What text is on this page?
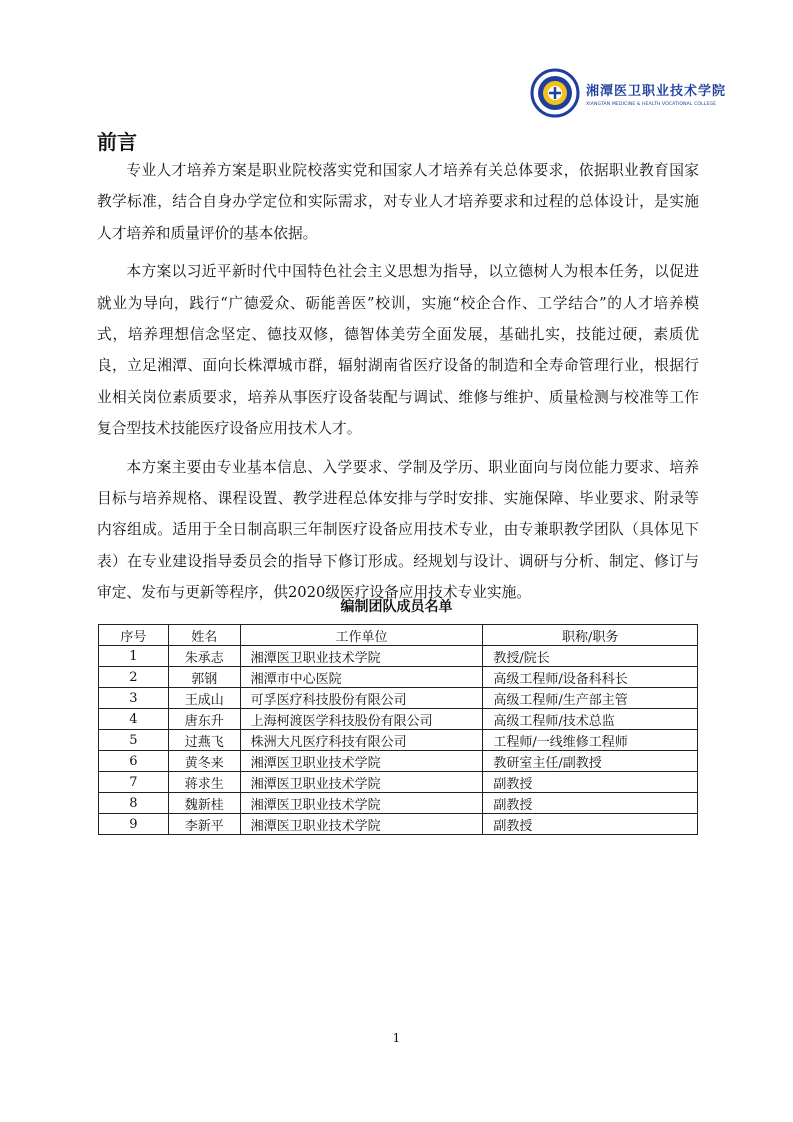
湘潭医卫职业技术学院
XIANGTAN MEDICINE & HEALTH VOCATIONAL COLLEGE
前言

专业人才培养方案是职业院校落实党和国家人才培养有关总体要求，依据职业教育国家教学标准，结合自身办学定位和实际需求，对专业人才培养要求和过程的总体设计，是实施人才培养和质量评价的基本依据。

本方案以习近平新时代中国特色社会主义思想为指导，以立德树人为根本任务，以促进就业为导向，践行“广德爱众、砺能善医”校训，实施“校企合作、工学结合”的人才培养模式，培养理想信念坚定、德技双修，德智体美劳全面发展，基础扎实，技能过硬，素质优良，立足湘潭、面向长株潭城市群，辐射湖南省医疗设备的制造和全寿命管理行业，根据行业相关岗位素质要求，培养从事医疗设备装配与调试、维修与维护、质量检测与校准等工作复合型技术技能医疗设备应用技术人才。

本方案主要由专业基本信息、入学要求、学制及学历、职业面向与岗位能力要求、培养目标与培养规格、课程设置、教学进程总体安排与学时安排、实施保障、毕业要求、附录等内容组成。适用于全日制高职三年制医疗设备应用技术专业，由专兼职教学团队（具体见下表）在专业建设指导委员会的指导下修订形成。经规划与设计、调研与分析、制定、修订与审定、发布与更新等程序，供2020级医疗设备应用技术专业实施。

编制团队成员名单
序号	姓名	工作单位	职称/职务
1	朱承志	湘潭医卫职业技术学院	教授/院长
2	郭钢	湘潭市中心医院	高级工程师/设备科科长
3	王成山	可孚医疗科技股份有限公司	高级工程师/生产部主管
4	唐东升	上海柯渡医学科技股份有限公司	高级工程师/技术总监
5	过燕飞	株洲大凡医疗科技有限公司	工程师/一线维修工程师
6	黄冬来	湘潭医卫职业技术学院	教研室主任/副教授
7	蒋求生	湘潭医卫职业技术学院	副教授
8	魏新桂	湘潭医卫职业技术学院	副教授
9	李新平	湘潭医卫职业技术学院	副教授
1
